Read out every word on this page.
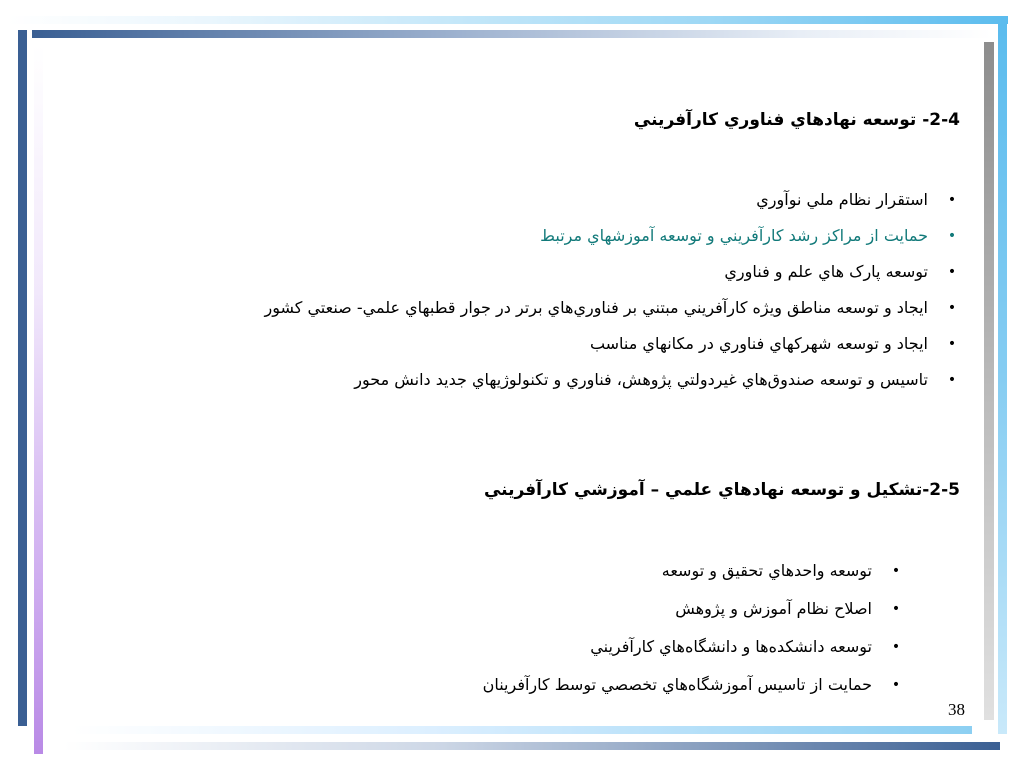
2-4- توسعه نهادهاي فناوري كارآفريني
•
استقرار نظام ملي نوآوري
•
حمايت از مراكز رشد كارآفريني و توسعه آموزشهاي مرتبط
•
توسعه پارک هاي علم و فناوري
•
ايجاد و توسعه مناطق ويژه كارآفريني مبتني بر فناوري‌هاي برتر در جوار قطبهاي علمي- صنعتي كشور
•
ايجاد و توسعه شهركهاي فناوري در مكانهاي مناسب
•
تاسيس و توسعه صندوق‌هاي غيردولتي پژوهش، فناوري و تكنولوژيهاي جديد دانش محور
2-5-تشكيل و توسعه نهادهاي علمي – آموزشي كارآفريني
•
توسعه واحدهاي تحقيق و توسعه
•
اصلاح نظام آموزش و پژوهش
•
توسعه دانشكده‌ها و دانشگاه‌هاي كارآفريني
•
حمايت از تاسيس آموزشگاه‌هاي تخصصي توسط كارآفرينان
38
